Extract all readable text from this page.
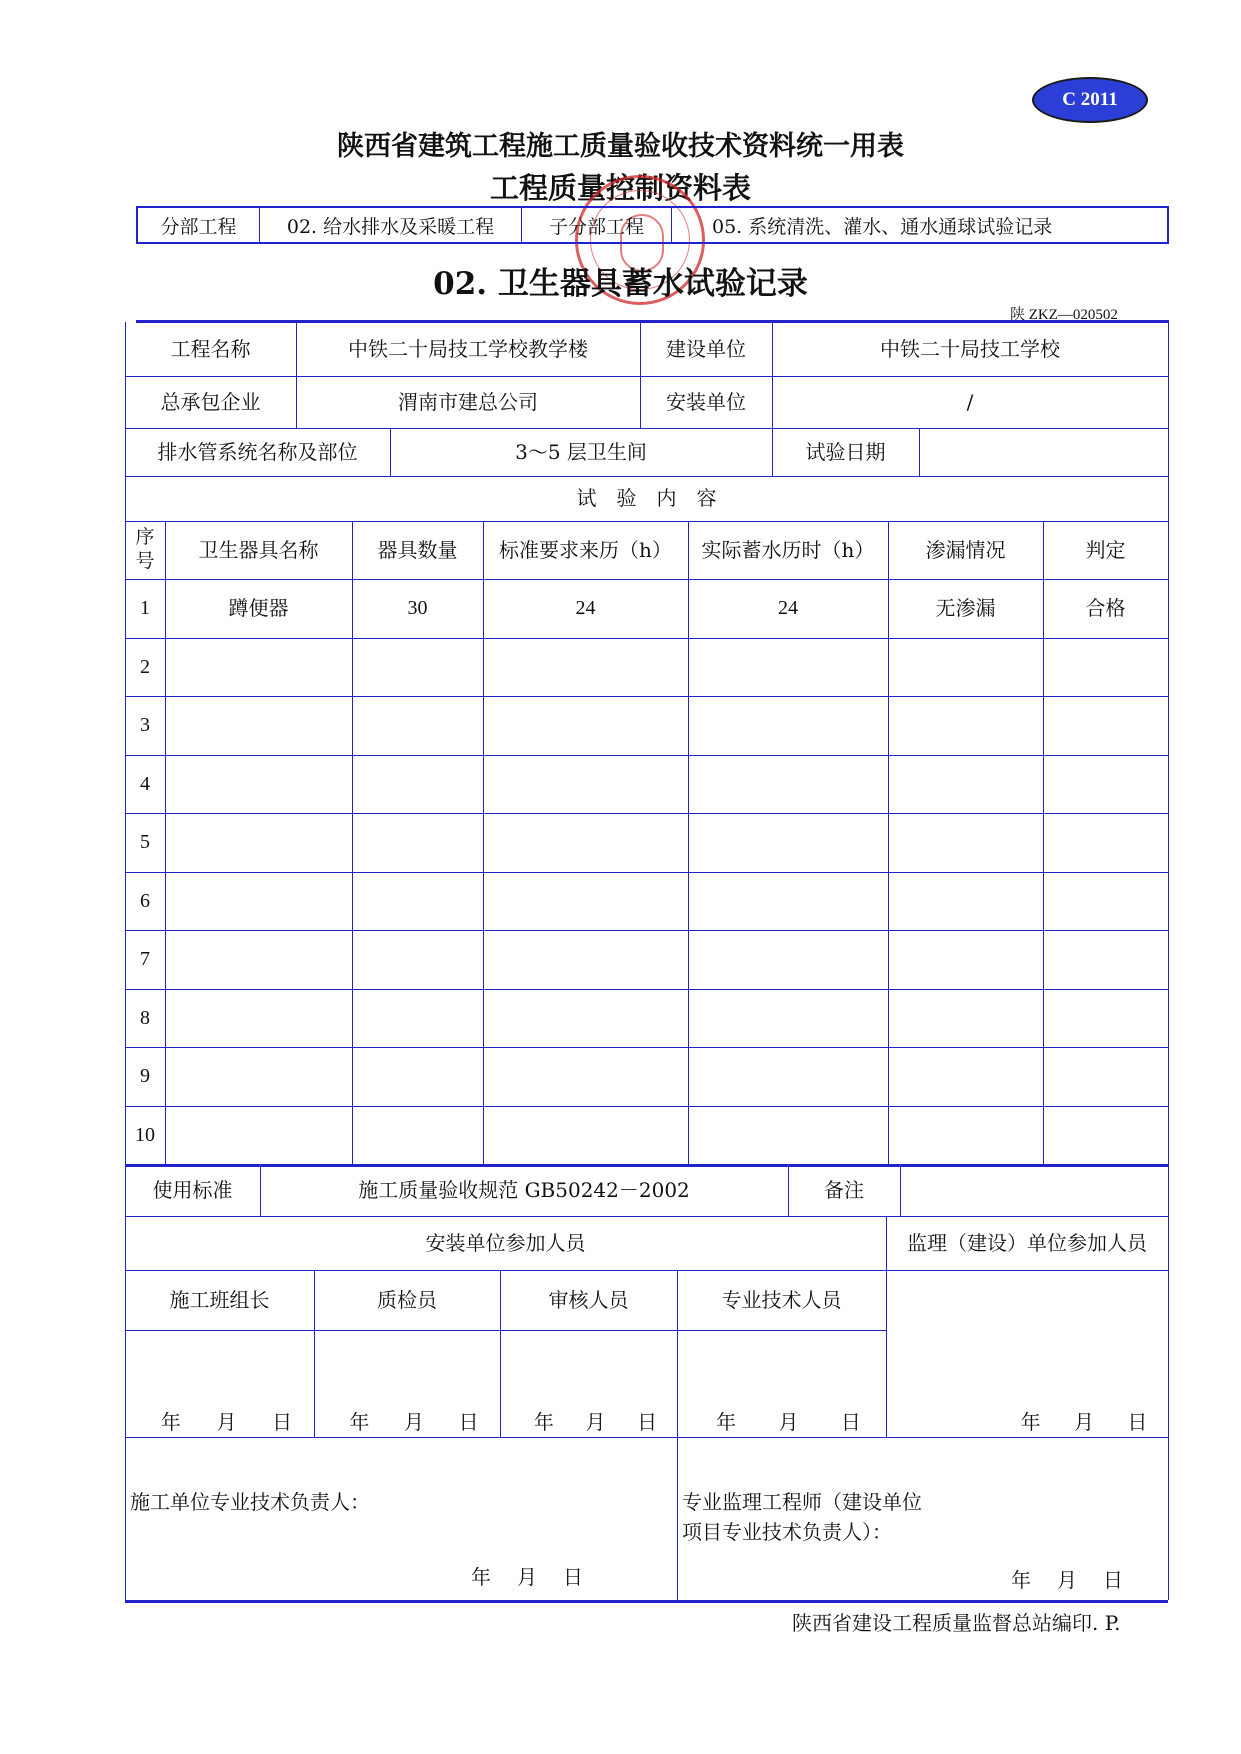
C 2011
陕西省建筑工程施工质量验收技术资料统一用表
工程质量控制资料表
分部工程	02. 给水排水及采暖工程	子分部工程	05. 系统清洗、灌水、通水通球试验记录
02. 卫生器具蓄水试验记录
陕 ZKZ—020502
工程名称	中铁二十局技工学校教学楼	建设单位	中铁二十局技工学校
总承包企业	渭南市建总公司	安装单位	/
排水管系统名称及部位	3～5 层卫生间	试验日期
试　验　内　容
序
号	卫生器具名称	器具数量	标准要求来历（h）	实际蓄水历时（h）	渗漏情况	判定
1	蹲便器	30	24	24	无渗漏	合格
2
3
4
5
6
7
8
9
10
使用标准	施工质量验收规范 GB50242－2002	备注
安装单位参加人员	监理（建设）单位参加人员
施工班组长	质检员	审核人员	专业技术人员
年 月 日	年 月 日	年 月 日	年 月 日	年 月 日
施工单位专业技术负责人：	专业监理工程师（建设单位
项目专业技术负责人）：
年 月 日	年 月 日
陕西省建设工程质量监督总站编印. P.
